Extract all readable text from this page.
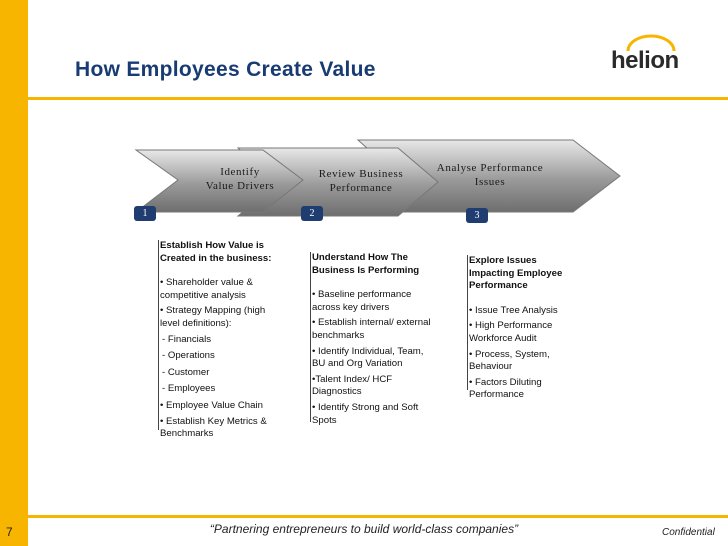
7
How Employees Create Value	helion
Identify
Value Drivers
Review Business
Performance
Analyse Performance
Issues
1	2	3
Establish How Value is Created in the business:
• Shareholder value & competitive analysis
• Strategy Mapping (high level definitions):
- Financials
- Operations
- Customer
- Employees
• Employee Value Chain
• Establish Key Metrics & Benchmarks
Understand How The Business Is Performing
• Baseline performance across key drivers
• Establish internal/ external benchmarks
• Identify Individual, Team, BU and Org Variation
•Talent Index/ HCF Diagnostics
• Identify Strong and Soft Spots
Explore Issues Impacting Employee Performance
• Issue Tree Analysis
• High Performance Workforce Audit
• Process, System, Behaviour
• Factors Diluting Performance
“Partnering entrepreneurs to build world-class companies”	Confidential
